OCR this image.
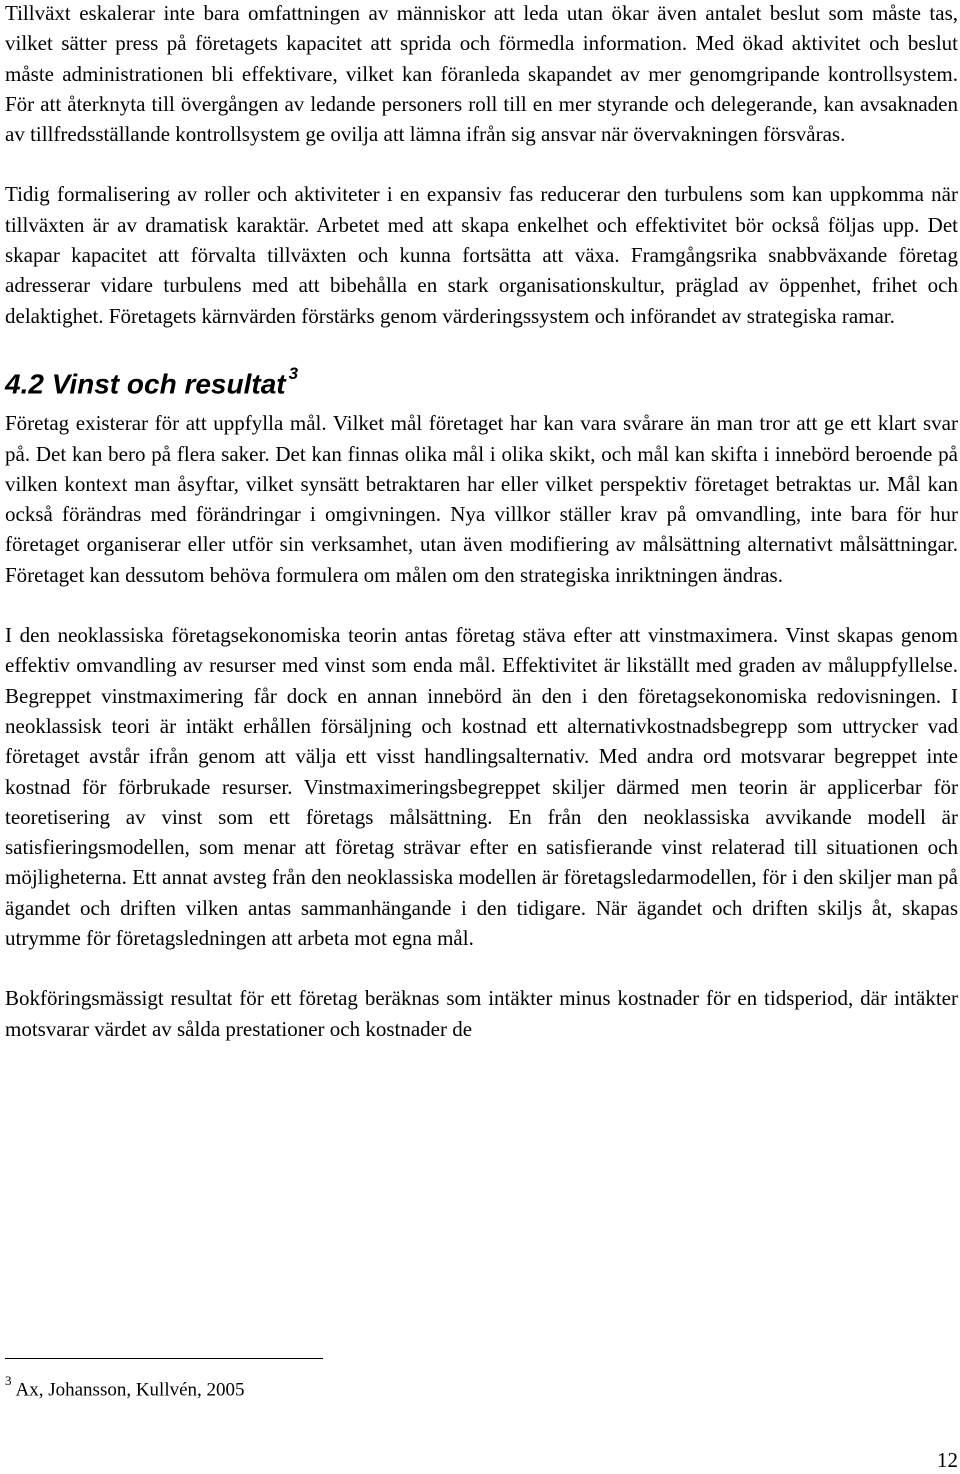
Tillväxt eskalerar inte bara omfattningen av människor att leda utan ökar även antalet beslut som måste tas, vilket sätter press på företagets kapacitet att sprida och förmedla information. Med ökad aktivitet och beslut måste administrationen bli effektivare, vilket kan föranleda skapandet av mer genomgripande kontrollsystem. För att återknyta till övergången av ledande personers roll till en mer styrande och delegerande, kan avsaknaden av tillfredsställande kontrollsystem ge ovilja att lämna ifrån sig ansvar när övervakningen försvåras.

Tidig formalisering av roller och aktiviteter i en expansiv fas reducerar den turbulens som kan uppkomma när tillväxten är av dramatisk karaktär. Arbetet med att skapa enkelhet och effektivitet bör också följas upp. Det skapar kapacitet att förvalta tillväxten och kunna fortsätta att växa. Framgångsrika snabbväxande företag adresserar vidare turbulens med att bibehålla en stark organisationskultur, präglad av öppenhet, frihet och delaktighet. Företagets kärnvärden förstärks genom värderingssystem och införandet av strategiska ramar.

4.2 Vinst och resultat $^3$

Företag existerar för att uppfylla mål. Vilket mål företaget har kan vara svårare än man tror att ge ett klart svar på. Det kan bero på flera saker. Det kan finnas olika mål i olika skikt, och mål kan skifta i innebörd beroende på vilken kontext man åsyftar, vilket synsätt betraktaren har eller vilket perspektiv företaget betraktas ur. Mål kan också förändras med förändringar i omgivningen. Nya villkor ställer krav på omvandling, inte bara för hur företaget organiserar eller utför sin verksamhet, utan även modifiering av målsättning alternativt målsättningar. Företaget kan dessutom behöva formulera om målen om den strategiska inriktningen ändras.

I den neoklassiska företagsekonomiska teorin antas företag stäva efter att vinstmaximera. Vinst skapas genom effektiv omvandling av resurser med vinst som enda mål. Effektivitet är likställt med graden av måluppfyllelse. Begreppet vinstmaximering får dock en annan innebörd än den i den företagsekonomiska redovisningen. I neoklassisk teori är intäkt erhållen försäljning och kostnad ett alternativkostnadsbegrepp som uttrycker vad företaget avstår ifrån genom att välja ett visst handlingsalternativ. Med andra ord motsvarar begreppet inte kostnad för förbrukade resurser. Vinstmaximeringsbegreppet skiljer därmed men teorin är applicerbar för teoretisering av vinst som ett företags målsättning. En från den neoklassiska avvikande modell är satisfieringsmodellen, som menar att företag strävar efter en satisfierande vinst relaterad till situationen och möjligheterna. Ett annat avsteg från den neoklassiska modellen är företagsledarmodellen, för i den skiljer man på ägandet och driften vilken antas sammanhängande i den tidigare. När ägandet och driften skiljs åt, skapas utrymme för företagsledningen att arbeta mot egna mål.

Bokföringsmässigt resultat för ett företag beräknas som intäkter minus kostnader för en tidsperiod, där intäkter motsvarar värdet av sålda prestationer och kostnader de

$^3$ Ax, Johansson, Kullvén, 2005
12
